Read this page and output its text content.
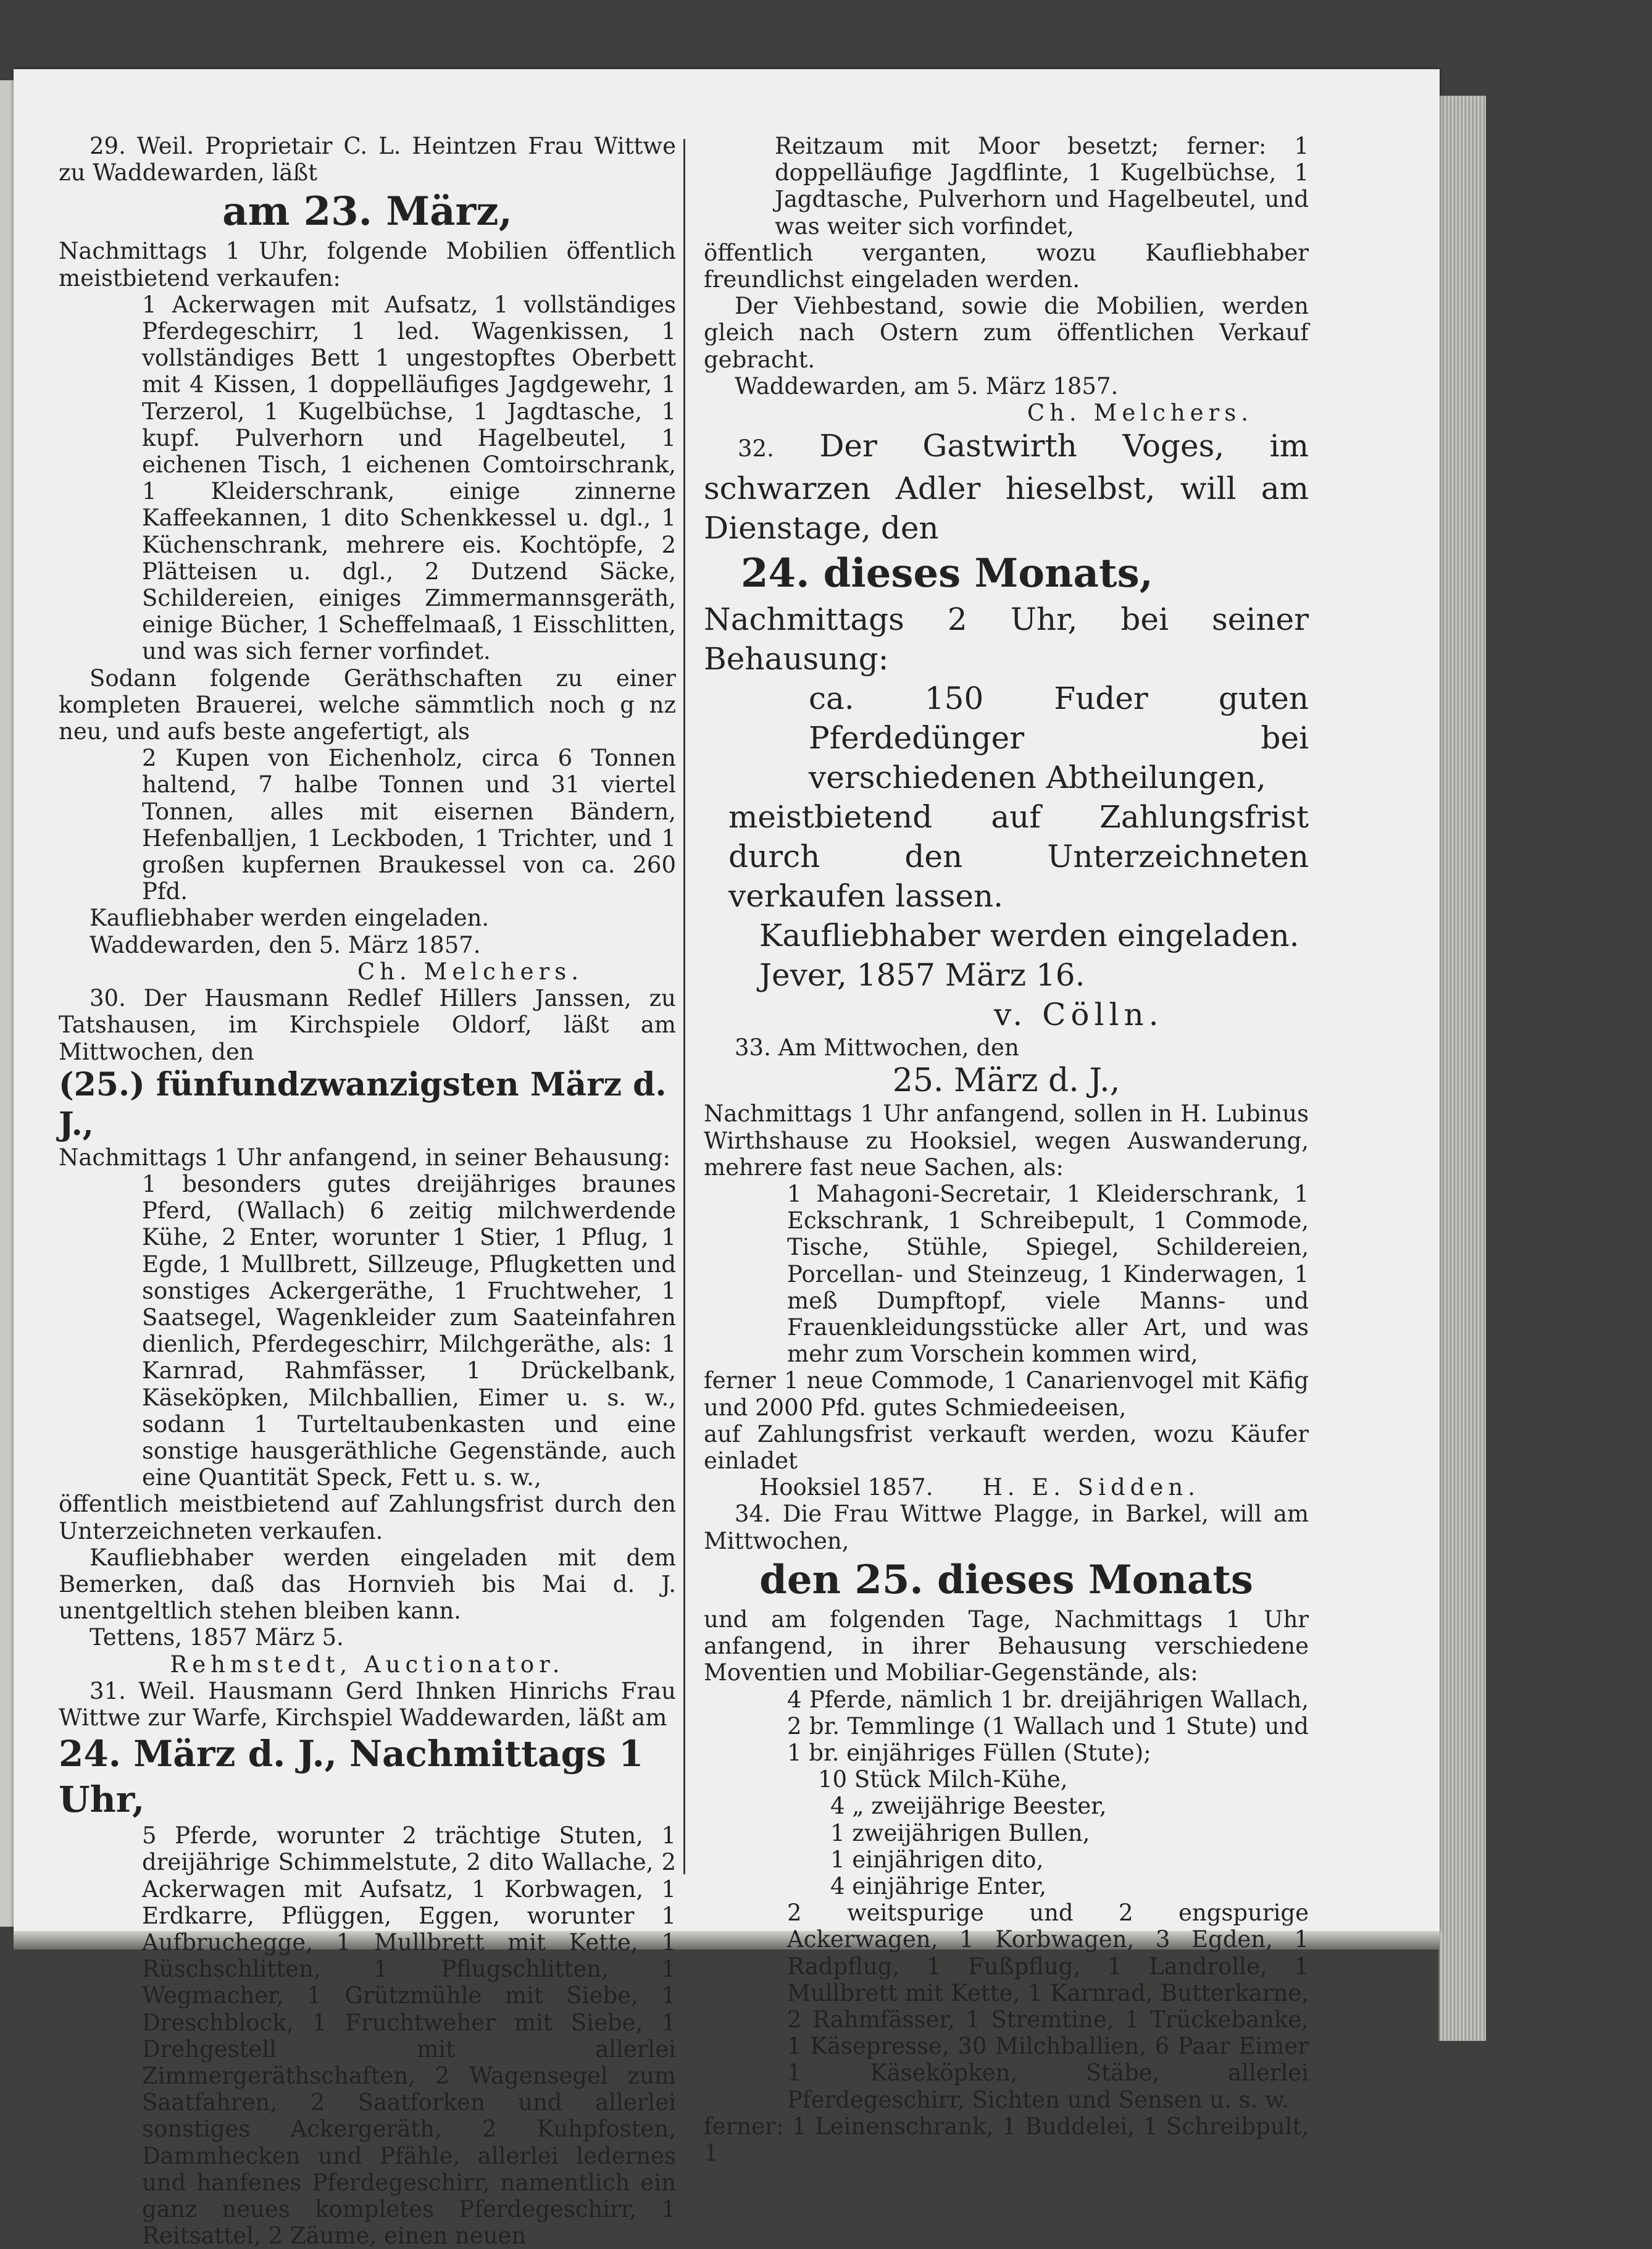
29. Weil. Proprietair C. L. Heintzen Frau Wittwe zu Waddewarden, läßt

am 23. März,

Nachmittags 1 Uhr, folgende Mobilien öffentlich meistbietend verkaufen:

1 Ackerwagen mit Aufsatz, 1 vollständiges Pferdegeschirr, 1 led. Wagenkissen, 1 vollständiges Bett 1 ungestopftes Oberbett mit 4 Kissen, 1 doppelläufiges Jagdgewehr, 1 Terzerol, 1 Kugelbüchse, 1 Jagdtasche, 1 kupf. Pulverhorn und Hagelbeutel, 1 eichenen Tisch, 1 eichenen Comtoirschrank, 1 Kleiderschrank, einige zinnerne Kaffeekannen, 1 dito Schenkkessel u. dgl., 1 Küchenschrank, mehrere eis. Kochtöpfe, 2 Plätteisen u. dgl., 2 Dutzend Säcke, Schildereien, einiges Zimmermannsgeräth, einige Bücher, 1 Scheffelmaaß, 1 Eisschlitten, und was sich ferner vorfindet.

Sodann folgende Geräthschaften zu einer kompleten Brauerei, welche sämmtlich noch g nz neu, und aufs beste angefertigt, als

2 Kupen von Eichenholz, circa 6 Tonnen haltend, 7 halbe Tonnen und 31 viertel Tonnen, alles mit eisernen Bändern, Hefenballjen, 1 Leckboden, 1 Trichter, und 1 großen kupfernen Braukessel von ca. 260 Pfd.

Kaufliebhaber werden eingeladen.

Waddewarden, den 5. März 1857.

Ch. Melchers.

30. Der Hausmann Redlef Hillers Janssen, zu Tatshausen, im Kirchspiele Oldorf, läßt am Mittwochen, den

(25.) fünfundzwanzigsten März d. J.,

Nachmittags 1 Uhr anfangend, in seiner Behausung:

1 besonders gutes dreijähriges braunes Pferd, (Wallach) 6 zeitig milchwerdende Kühe, 2 Enter, worunter 1 Stier, 1 Pflug, 1 Egde, 1 Mullbrett, Sillzeuge, Pflugketten und sonstiges Ackergeräthe, 1 Fruchtweher, 1 Saatsegel, Wagenkleider zum Saateinfahren dienlich, Pferdegeschirr, Milchgeräthe, als: 1 Karnrad, Rahmfässer, 1 Drückelbank, Käseköpken, Milchballien, Eimer u. s. w., sodann 1 Turteltaubenkasten und eine sonstige hausgeräthliche Gegenstände, auch eine Quantität Speck, Fett u. s. w.,

öffentlich meistbietend auf Zahlungsfrist durch den Unterzeichneten verkaufen.

Kaufliebhaber werden eingeladen mit dem Bemerken, daß das Hornvieh bis Mai d. J. unentgeltlich stehen bleiben kann.

Tettens, 1857 März 5.

Rehmstedt, Auctionator.

31. Weil. Hausmann Gerd Ihnken Hinrichs Frau Wittwe zur Warfe, Kirchspiel Waddewarden, läßt am

24. März d. J., Nachmittags 1 Uhr,

5 Pferde, worunter 2 trächtige Stuten, 1 dreijährige Schimmelstute, 2 dito Wallache, 2 Ackerwagen mit Aufsatz, 1 Korbwagen, 1 Erdkarre, Pflüggen, Eggen, worunter 1 Aufbruchegge, 1 Mullbrett mit Kette, 1 Rüschschlitten, 1 Pflugschlitten, 1 Wegmacher, 1 Grützmühle mit Siebe, 1 Dreschblock, 1 Fruchtweher mit Siebe, 1 Drehgestell mit allerlei Zimmergeräthschaften, 2 Wagensegel zum Saatfahren, 2 Saatforken und allerlei sonstiges Ackergeräth, 2 Kuhpfosten, Dammhecken und Pfähle, allerlei ledernes und hanfenes Pferdegeschirr, namentlich ein ganz neues kompletes Pferdegeschirr, 1 Reitsattel, 2 Zäume, einen neuen

Reitzaum mit Moor besetzt; ferner: 1 doppelläufige Jagdflinte, 1 Kugelbüchse, 1 Jagdtasche, Pulverhorn und Hagelbeutel, und was weiter sich vorfindet,

öffentlich verganten, wozu Kaufliebhaber freundlichst eingeladen werden.

Der Viehbestand, sowie die Mobilien, werden gleich nach Ostern zum öffentlichen Verkauf gebracht.

Waddewarden, am 5. März 1857.

Ch. Melchers.

32. Der Gastwirth Voges, im schwarzen Adler hieselbst, will am Dienstage, den

24. dieses Monats,

Nachmittags 2 Uhr, bei seiner Behausung:

ca. 150 Fuder guten Pferdedünger bei verschiedenen Abtheilungen,

meistbietend auf Zahlungsfrist durch den Unterzeichneten verkaufen lassen.

Kaufliebhaber werden eingeladen.

Jever, 1857 März 16.

v. Cölln.

33. Am Mittwochen, den

25. März d. J.,

Nachmittags 1 Uhr anfangend, sollen in H. Lubinus Wirthshause zu Hooksiel, wegen Auswanderung, mehrere fast neue Sachen, als:

1 Mahagoni-Secretair, 1 Kleiderschrank, 1 Eckschrank, 1 Schreibepult, 1 Commode, Tische, Stühle, Spiegel, Schildereien, Porcellan- und Steinzeug, 1 Kinderwagen, 1 meß Dumpftopf, viele Manns- und Frauenkleidungsstücke aller Art, und was mehr zum Vorschein kommen wird,

ferner 1 neue Commode, 1 Canarienvogel mit Käfig und 2000 Pfd. gutes Schmiedeeisen,

auf Zahlungsfrist verkauft werden, wozu Käufer einladet

Hooksiel 1857. H. E. Sidden.

34. Die Frau Wittwe Plagge, in Barkel, will am Mittwochen,

den 25. dieses Monats

und am folgenden Tage, Nachmittags 1 Uhr anfangend, in ihrer Behausung verschiedene Moventien und Mobiliar-Gegenstände, als:

4 Pferde, nämlich 1 br. dreijährigen Wallach, 2 br. Temmlinge (1 Wallach und 1 Stute) und 1 br. einjähriges Füllen (Stute);

10 Stück Milch-Kühe,

4 „ zweijährige Beester,

1 zweijährigen Bullen,

1 einjährigen dito,

4 einjährige Enter,

2 weitspurige und 2 engspurige Ackerwagen, 1 Korbwagen, 3 Egden, 1 Radpflug, 1 Fußpflug, 1 Landrolle, 1 Mullbrett mit Kette, 1 Karnrad, Butterkarne, 2 Rahmfässer, 1 Stremtine, 1 Trückebanke, 1 Käsepresse, 30 Milchballien, 6 Paar Eimer 1 Käseköpken, Stäbe, allerlei Pferdegeschirr, Sichten und Sensen u. s. w.

ferner: 1 Leinenschrank, 1 Buddelei, 1 Schreibpult, 1
